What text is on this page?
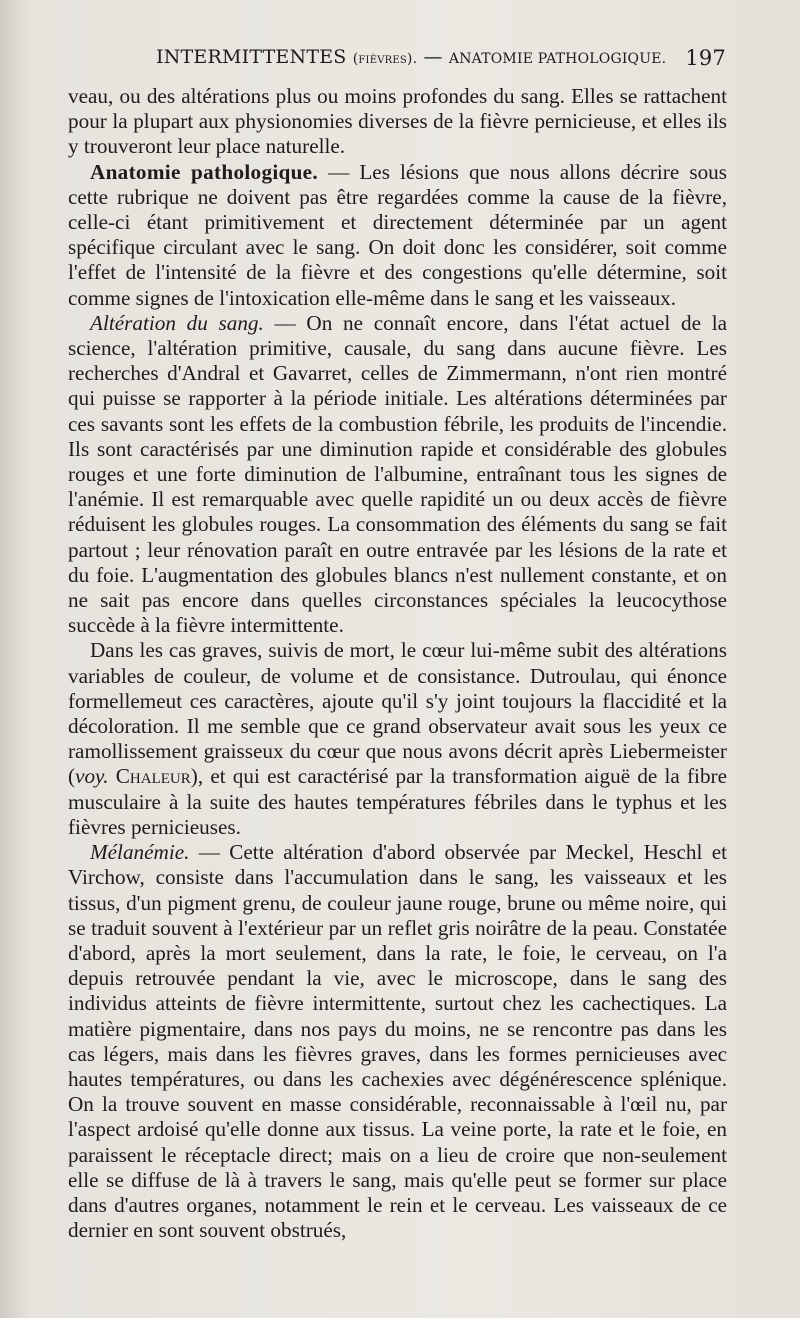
INTERMITTENTES (fièvres). — ANATOMIE PATHOLOGIQUE. 197

veau, ou des altérations plus ou moins profondes du sang. Elles se rattachent pour la plupart aux physionomies diverses de la fièvre pernicieuse, et elles ils y trouveront leur place naturelle.

Anatomie pathologique. — Les lésions que nous allons décrire sous cette rubrique ne doivent pas être regardées comme la cause de la fièvre, celle-ci étant primitivement et directement déterminée par un agent spécifique circulant avec le sang. On doit donc les considérer, soit comme l'effet de l'intensité de la fièvre et des congestions qu'elle détermine, soit comme signes de l'intoxication elle-même dans le sang et les vaisseaux.

Altération du sang. — On ne connaît encore, dans l'état actuel de la science, l'altération primitive, causale, du sang dans aucune fièvre. Les recherches d'Andral et Gavarret, celles de Zimmermann, n'ont rien montré qui puisse se rapporter à la période initiale. Les altérations déterminées par ces savants sont les effets de la combustion fébrile, les produits de l'incendie. Ils sont caractérisés par une diminution rapide et considérable des globules rouges et une forte diminution de l'albumine, entraînant tous les signes de l'anémie. Il est remarquable avec quelle rapidité un ou deux accès de fièvre réduisent les globules rouges. La consommation des éléments du sang se fait partout ; leur rénovation paraît en outre entravée par les lésions de la rate et du foie. L'augmentation des globules blancs n'est nullement constante, et on ne sait pas encore dans quelles circonstances spéciales la leucocythose succède à la fièvre intermittente.

Dans les cas graves, suivis de mort, le cœur lui-même subit des altérations variables de couleur, de volume et de consistance. Dutroulau, qui énonce formellemeut ces caractères, ajoute qu'il s'y joint toujours la flaccidité et la décoloration. Il me semble que ce grand observateur avait sous les yeux ce ramollissement graisseux du cœur que nous avons décrit après Liebermeister (voy. Chaleur), et qui est caractérisé par la transformation aiguë de la fibre musculaire à la suite des hautes températures fébriles dans le typhus et les fièvres pernicieuses.

Mélanémie. — Cette altération d'abord observée par Meckel, Heschl et Virchow, consiste dans l'accumulation dans le sang, les vaisseaux et les tissus, d'un pigment grenu, de couleur jaune rouge, brune ou même noire, qui se traduit souvent à l'extérieur par un reflet gris noirâtre de la peau. Constatée d'abord, après la mort seulement, dans la rate, le foie, le cerveau, on l'a depuis retrouvée pendant la vie, avec le microscope, dans le sang des individus atteints de fièvre intermittente, surtout chez les cachectiques. La matière pigmentaire, dans nos pays du moins, ne se rencontre pas dans les cas légers, mais dans les fièvres graves, dans les formes pernicieuses avec hautes températures, ou dans les cachexies avec dégénérescence splénique. On la trouve souvent en masse considérable, reconnaissable à l'œil nu, par l'aspect ardoisé qu'elle donne aux tissus. La veine porte, la rate et le foie, en paraissent le réceptacle direct; mais on a lieu de croire que non-seulement elle se diffuse de là à travers le sang, mais qu'elle peut se former sur place dans d'autres organes, notamment le rein et le cerveau. Les vaisseaux de ce dernier en sont souvent obstrués,
